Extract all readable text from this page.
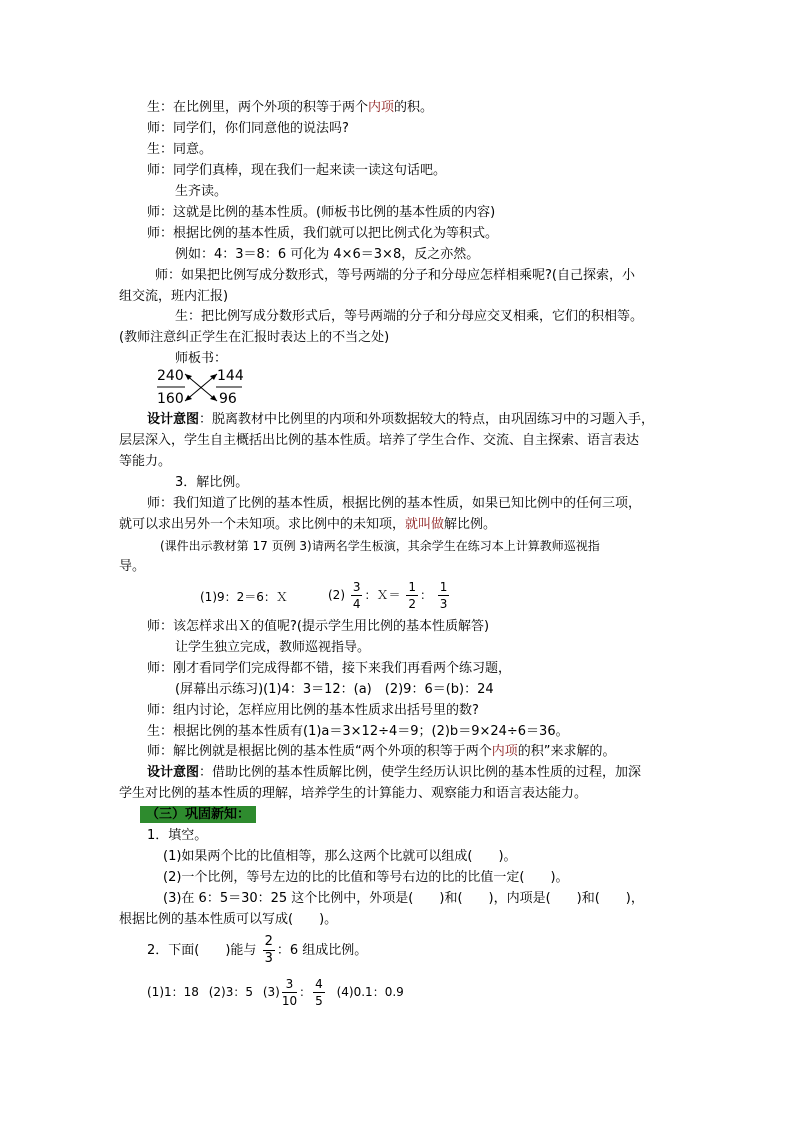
生：在比例里，两个外项的积等于两个内项的积。
师：同学们，你们同意他的说法吗?
生：同意。
师：同学们真棒，现在我们一起来读一读这句话吧。
生齐读。
师：这就是比例的基本性质。(师板书比例的基本性质的内容)
师：根据比例的基本性质，我们就可以把比例式化为等积式。
例如：4：3＝8：6 可化为 4×6＝3×8，反之亦然。
师：如果把比例写成分数形式，等号两端的分子和分母应怎样相乘呢?(自己探索，小
组交流，班内汇报)
生：把比例写成分数形式后，等号两端的分子和分母应交叉相乘，它们的积相等。
(教师注意纠正学生在汇报时表达上的不当之处)
师板书：
240
160
144
96
设计意图：脱离教材中比例里的内项和外项数据较大的特点，由巩固练习中的习题入手，
层层深入，学生自主概括出比例的基本性质。培养了学生合作、交流、自主探索、语言表达
等能力。
3．解比例。
师：我们知道了比例的基本性质，根据比例的基本性质，如果已知比例中的任何三项，
就可以求出另外一个未知项。求比例中的未知项，就叫做解比例。
(课件出示教材第 17 页例 3)请两名学生板演，其余学生在练习本上计算教师巡视指
导。
(1)9：2＝6：Ｘ	$(2) \frac{3}{4}$ ：Ｘ＝ $\frac{1}{2}$ ： $\frac{1}{3}$
师：该怎样求出Ｘ的值呢?(提示学生用比例的基本性质解答)
让学生独立完成，教师巡视指导。
师：刚才看同学们完成得都不错，接下来我们再看两个练习题，
(屏幕出示练习)(1)4：3＝12：(a)　(2)9：6＝(b)：24
师：组内讨论，怎样应用比例的基本性质求出括号里的数?
生：根据比例的基本性质有(1)a＝3×12÷4＝9；(2)b＝9×24÷6＝36。
师：解比例就是根据比例的基本性质“两个外项的积等于两个内项的积”来求解的。
设计意图：借助比例的基本性质解比例，使学生经历认识比例的基本性质的过程，加深
学生对比例的基本性质的理解，培养学生的计算能力、观察能力和语言表达能力。
（三）巩固新知：
1．填空。
(1)如果两个比的比值相等，那么这两个比就可以组成(　　)。
(2)一个比例，等号左边的比的比值和等号右边的比的比值一定(　　)。
(3)在 6：5＝30：25 这个比例中，外项是(　　)和(　　)，内项是(　　)和(　　)，
根据比例的基本性质可以写成(　　)。
2．下面(　　)能与 $\frac{2}{3}$ ：6 组成比例。
(1)1：18 (2)3：5 $(3) \frac{3}{10}$ ： $\frac{4}{5} (4)0.1$：0.9
